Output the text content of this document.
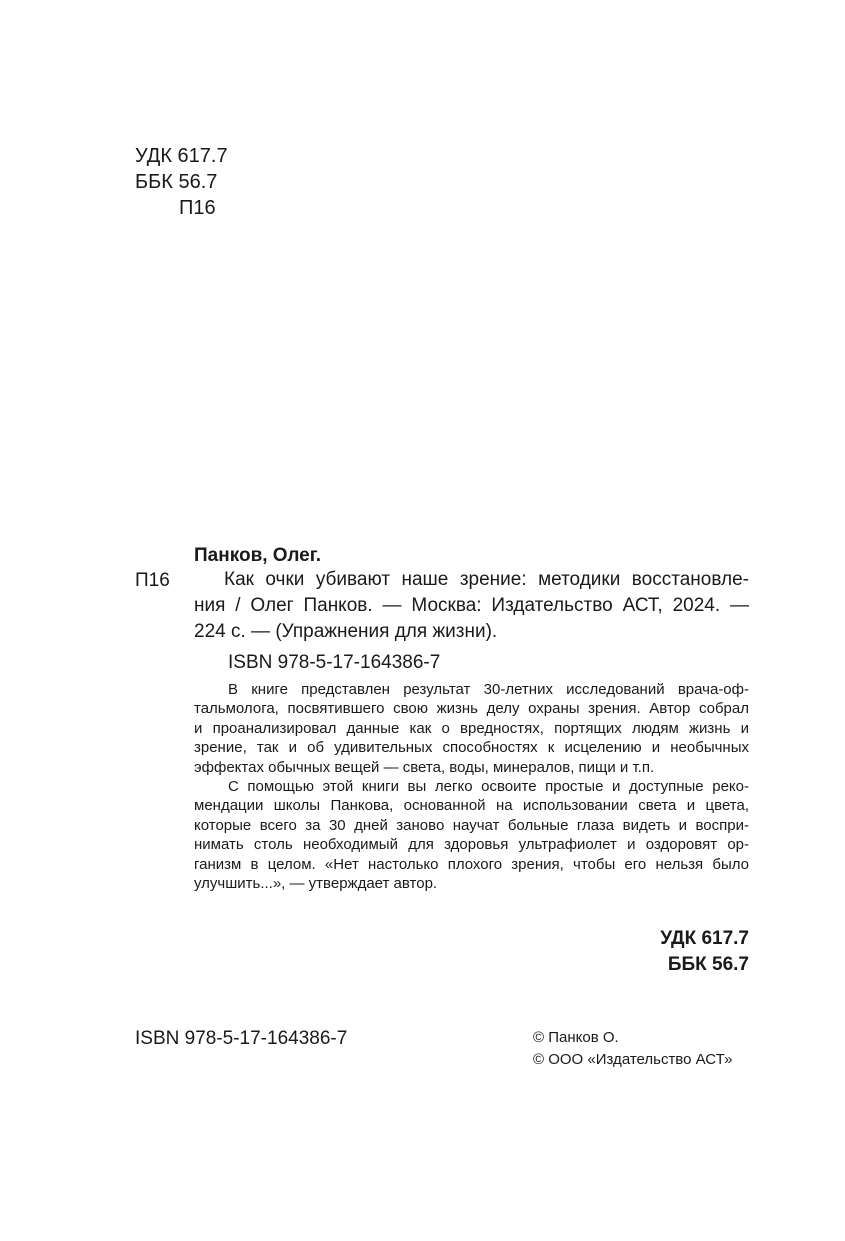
УДК 617.7
ББК 56.7
П16
Панков, Олег.
П16	Как очки убивают наше зрение: методики восстановле-
ния / Олег Панков. — Москва: Издательство АСТ, 2024. —
224 с. — (Упражнения для жизни).
ISBN 978-5-17-164386-7
В книге представлен результат 30-летних исследований врача-оф-
тальмолога, посвятившего свою жизнь делу охраны зрения. Автор собрал
и проанализировал данные как о вредностях, портящих людям жизнь и
зрение, так и об удивительных способностях к исцелению и необычных
эффектах обычных вещей — света, воды, минералов, пищи и т.п.
С помощью этой книги вы легко освоите простые и доступные реко-
мендации школы Панкова, основанной на использовании света и цвета,
которые всего за 30 дней заново научат больные глаза видеть и воспри-
нимать столь необходимый для здоровья ультрафиолет и оздоровят ор-
ганизм в целом. «Нет настолько плохого зрения, чтобы его нельзя было
улучшить...», — утверждает автор.
УДК 617.7
ББК 56.7
ISBN 978-5-17-164386-7	© Панков О.
© ООО «Издательство АСТ»
